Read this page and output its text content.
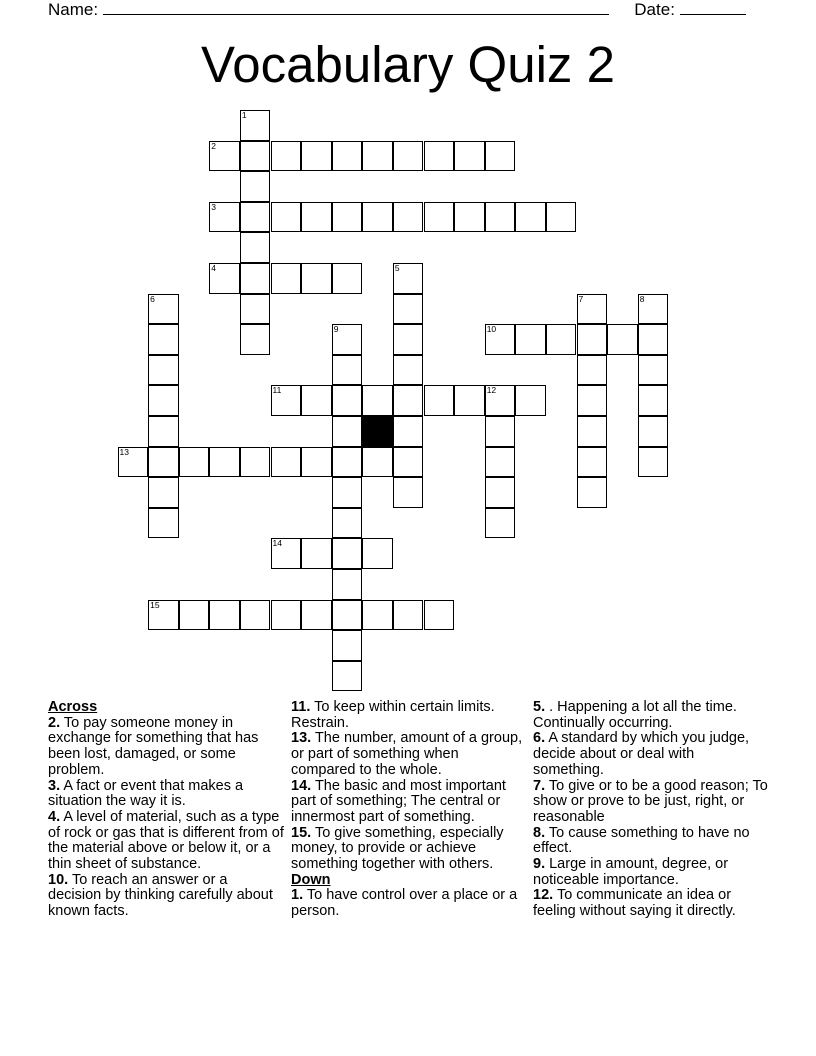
Name:	Date:
Vocabulary Quiz 2
1
2
3
4	5
6	7	8
9	10
11	12
13
14
15

Across

2. To pay someone money in exchange for something that has been lost, damaged, or some problem.

3. A fact or event that makes a situation the way it is.

4. A level of material, such as a type of rock or gas that is different from of the material above or below it, or a thin sheet of substance.

10. To reach an answer or a decision by thinking carefully about known facts.

11. To keep within certain limits. Restrain.

13. The number, amount of a group, or part of something when compared to the whole.

14. The basic and most important part of something; The central or innermost part of something.

15. To give something, especially money, to provide or achieve something together with others.

Down

1. To have control over a place or a person.

5. . Happening a lot all the time. Continually occurring.

6. A standard by which you judge, decide about or deal with something.

7. To give or to be a good reason; To show or prove to be just, right, or reasonable

8. To cause something to have no effect.

9. Large in amount, degree, or noticeable importance.

12. To communicate an idea or feeling without saying it directly.
